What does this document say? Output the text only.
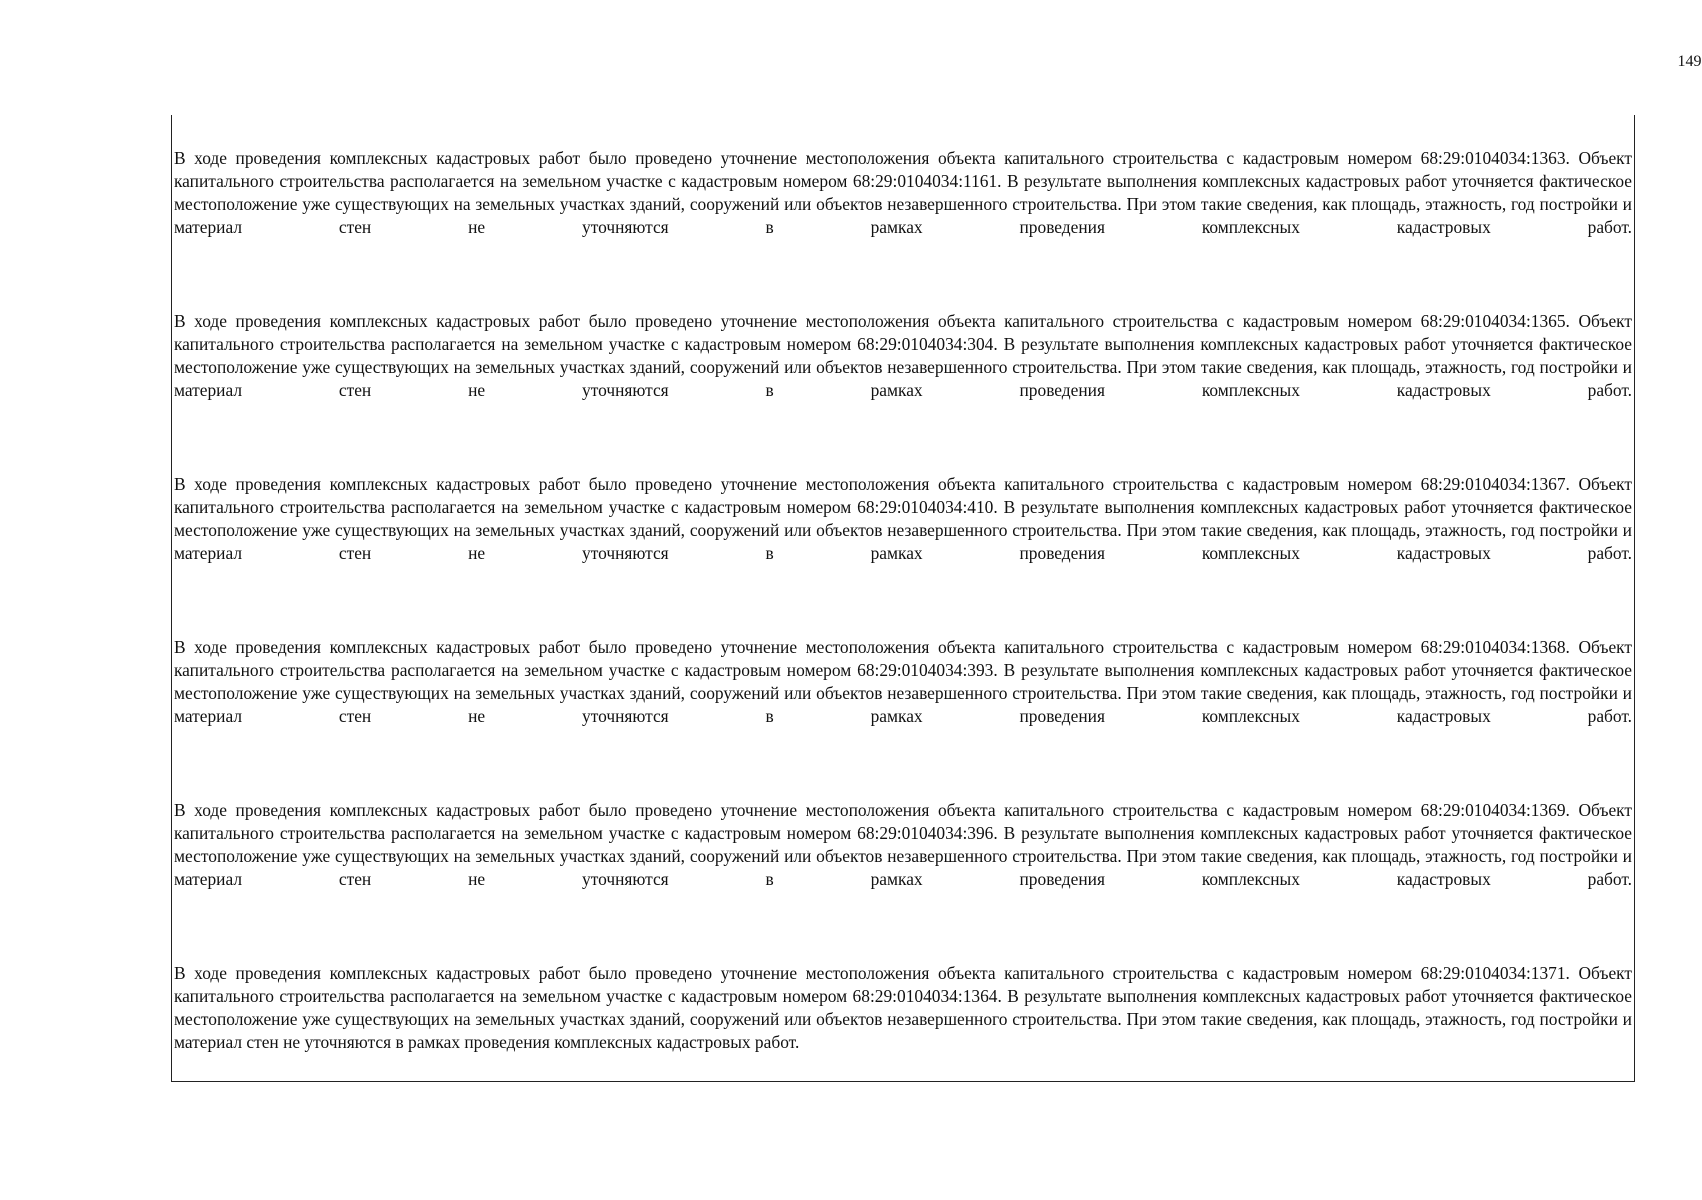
149

В ходе проведения комплексных кадастровых работ было проведено уточнение местоположения объекта капитального строительства с кадастровым номером 68:29:0104034:1363. Объект капитального строительства располагается на земельном участке с кадастровым номером 68:29:0104034:1161. В результате выполнения комплексных кадастровых работ уточняется фактическое местоположение уже существующих на земельных участках зданий, сооружений или объектов незавершенного строительства. При этом такие сведения, как площадь, этажность, год постройки и материал стен не уточняются в рамках проведения комплексных кадастровых работ.

В ходе проведения комплексных кадастровых работ было проведено уточнение местоположения объекта капитального строительства с кадастровым номером 68:29:0104034:1365. Объект капитального строительства располагается на земельном участке с кадастровым номером 68:29:0104034:304. В результате выполнения комплексных кадастровых работ уточняется фактическое местоположение уже существующих на земельных участках зданий, сооружений или объектов незавершенного строительства. При этом такие сведения, как площадь, этажность, год постройки и материал стен не уточняются в рамках проведения комплексных кадастровых работ.

В ходе проведения комплексных кадастровых работ было проведено уточнение местоположения объекта капитального строительства с кадастровым номером 68:29:0104034:1367. Объект капитального строительства располагается на земельном участке с кадастровым номером 68:29:0104034:410. В результате выполнения комплексных кадастровых работ уточняется фактическое местоположение уже существующих на земельных участках зданий, сооружений или объектов незавершенного строительства. При этом такие сведения, как площадь, этажность, год постройки и материал стен не уточняются в рамках проведения комплексных кадастровых работ.

В ходе проведения комплексных кадастровых работ было проведено уточнение местоположения объекта капитального строительства с кадастровым номером 68:29:0104034:1368. Объект капитального строительства располагается на земельном участке с кадастровым номером 68:29:0104034:393. В результате выполнения комплексных кадастровых работ уточняется фактическое местоположение уже существующих на земельных участках зданий, сооружений или объектов незавершенного строительства. При этом такие сведения, как площадь, этажность, год постройки и материал стен не уточняются в рамках проведения комплексных кадастровых работ.

В ходе проведения комплексных кадастровых работ было проведено уточнение местоположения объекта капитального строительства с кадастровым номером 68:29:0104034:1369. Объект капитального строительства располагается на земельном участке с кадастровым номером 68:29:0104034:396. В результате выполнения комплексных кадастровых работ уточняется фактическое местоположение уже существующих на земельных участках зданий, сооружений или объектов незавершенного строительства. При этом такие сведения, как площадь, этажность, год постройки и материал стен не уточняются в рамках проведения комплексных кадастровых работ.

В ходе проведения комплексных кадастровых работ было проведено уточнение местоположения объекта капитального строительства с кадастровым номером 68:29:0104034:1371. Объект капитального строительства располагается на земельном участке с кадастровым номером 68:29:0104034:1364. В результате выполнения комплексных кадастровых работ уточняется фактическое местоположение уже существующих на земельных участках зданий, сооружений или объектов незавершенного строительства. При этом такие сведения, как площадь, этажность, год постройки и материал стен не уточняются в рамках проведения комплексных кадастровых работ.
